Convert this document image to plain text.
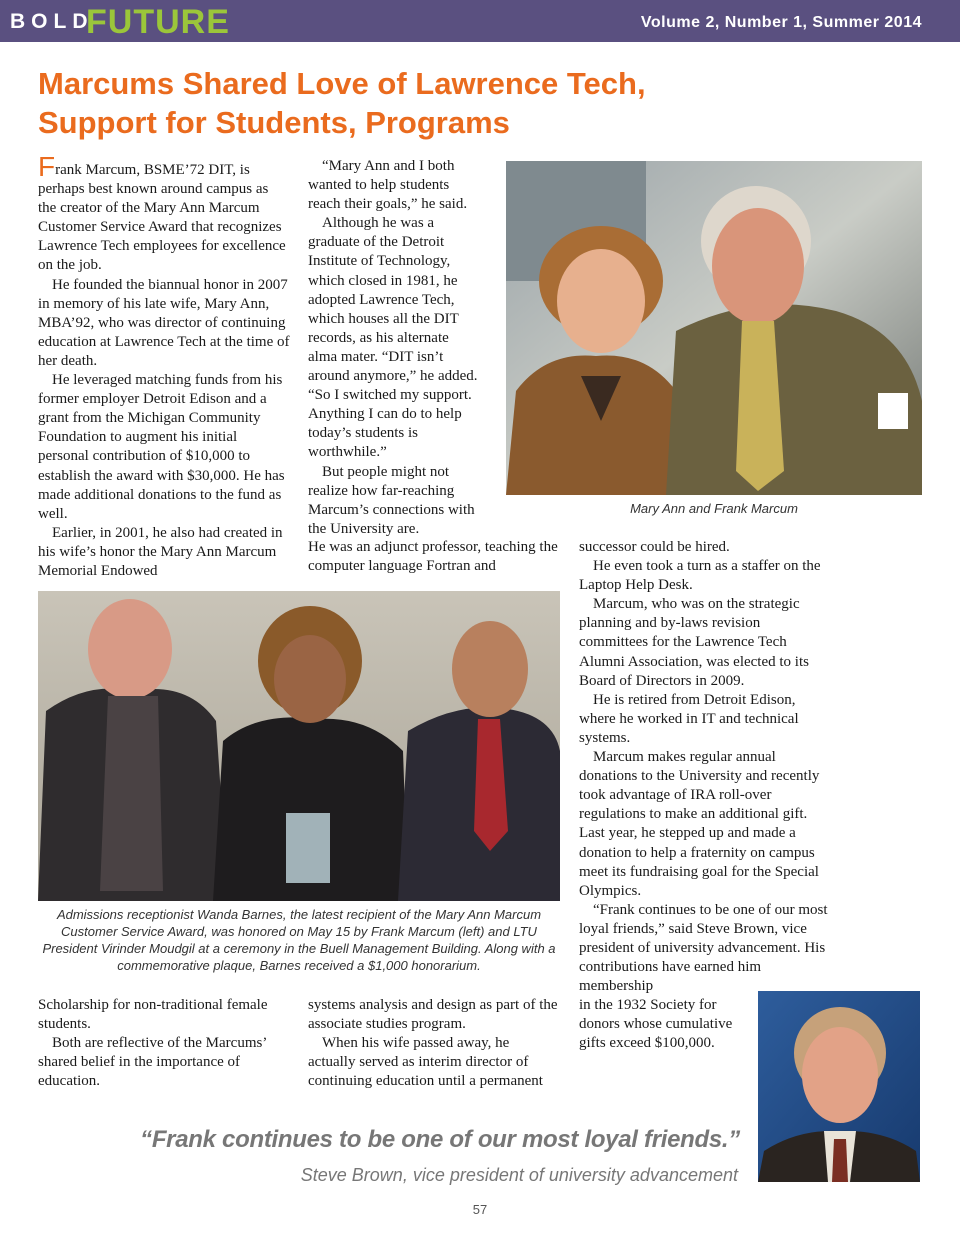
BOLD
FUTURE	Volume 2, Number 1, Summer 2014
Marcums Shared Love of Lawrence Tech, Support for Students, Programs

Frank Marcum, BSME’72 DIT, is perhaps best known around campus as the creator of the Mary Ann Marcum Customer Service Award that recognizes Lawrence Tech employees for excellence on the job.

He founded the biannual honor in 2007 in memory of his late wife, Mary Ann, MBA’92, who was director of continuing education at Lawrence Tech at the time of her death.

He leveraged matching funds from his former employer Detroit Edison and a grant from the Michigan Community Foundation to augment his initial personal contribution of $10,000 to establish the award with $30,000. He has made additional donations to the fund as well.

Earlier, in 2001, he also had created in his wife’s honor the Mary Ann Marcum Memorial Endowed

“Mary Ann and I both wanted to help students reach their goals,” he said.

Although he was a graduate of the Detroit Institute of Technology, which closed in 1981, he adopted Lawrence Tech, which houses all the DIT records, as his alternate alma mater. “DIT isn’t around anymore,” he added. “So I switched my support. Anything I can do to help today’s students is worthwhile.”

But people might not realize how far-reaching Marcum’s connections with the University are.

He was an adjunct professor, teaching the computer language Fortran and

Mary Ann and Frank Marcum

successor could be hired.

He even took a turn as a staffer on the Laptop Help Desk.

Marcum, who was on the strategic planning and by-laws revision committees for the Lawrence Tech Alumni Association, was elected to its Board of Directors in 2009.

He is retired from Detroit Edison, where he worked in IT and technical systems.

Marcum makes regular annual donations to the University and recently took advantage of IRA roll-over regulations to make an additional gift. Last year, he stepped up and made a donation to help a fraternity on campus meet its fundraising goal for the Special Olympics.

“Frank continues to be one of our most loyal friends,” said Steve Brown, vice president of university advancement. His contributions have earned him membership

in the 1932 Society for donors whose cumulative gifts exceed $100,000.

Admissions receptionist Wanda Barnes, the latest recipient of the Mary Ann Marcum Customer Service Award, was honored on May 15 by Frank Marcum (left) and LTU President Virinder Moudgil at a ceremony in the Buell Management Building. Along with a commemorative plaque, Barnes received a $1,000 honorarium.

Scholarship for non-traditional female students.

Both are reflective of the Marcums’ shared belief in the importance of education.

systems analysis and design as part of the associate studies program.

When his wife passed away, he actually served as interim director of continuing education until a permanent

“Frank continues to be one of our most loyal friends.”
Steve Brown, vice president of university advancement
57
